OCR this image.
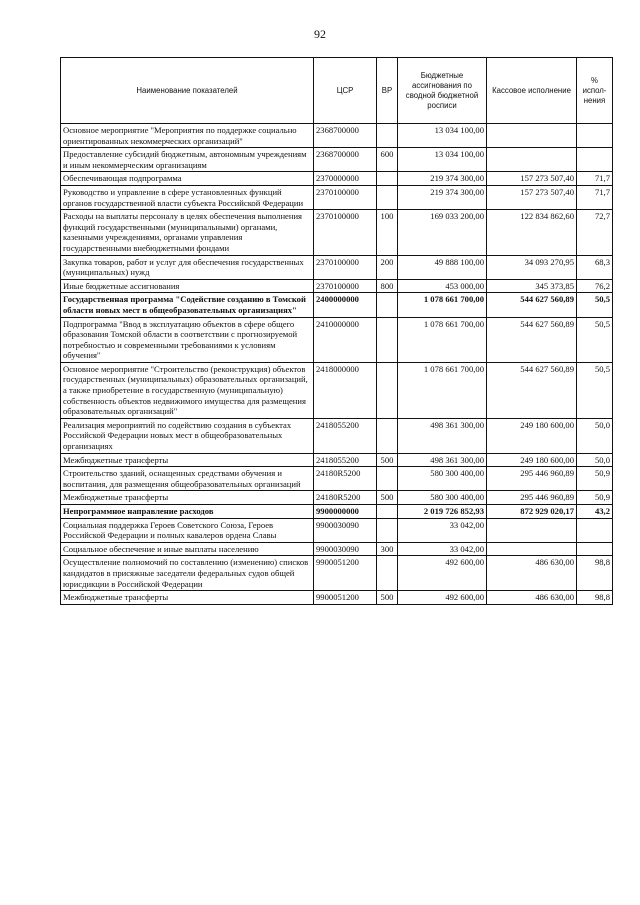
92
Наименование показателей	ЦСР	ВР	Бюджетные ассигнования по сводной бюджетной росписи	Кассовое исполнение	% испол-нения
Основное мероприятие "Мероприятия по поддержке социально ориентированных некоммерческих организаций"	2368700000		13 034 100,00		
Предоставление субсидий бюджетным, автономным учреждениям и иным некоммерческим организациям	2368700000	600	13 034 100,00		
Обеспечивающая подпрограмма	2370000000		219 374 300,00	157 273 507,40	71,7
Руководство и управление в сфере установленных функций органов государственной власти субъекта Российской Федерации	2370100000		219 374 300,00	157 273 507,40	71,7
Расходы на выплаты персоналу в целях обеспечения выполнения функций государственными (муниципальными) органами, казенными учреждениями, органами управления государственными внебюджетными фондами	2370100000	100	169 033 200,00	122 834 862,60	72,7
Закупка товаров, работ и услуг для обеспечения государственных (муниципальных) нужд	2370100000	200	49 888 100,00	34 093 270,95	68,3
Иные бюджетные ассигнования	2370100000	800	453 000,00	345 373,85	76,2
Государственная программа "Содействие созданию в Томской области новых мест в общеобразовательных организациях"	2400000000		1 078 661 700,00	544 627 560,89	50,5
Подпрограмма "Ввод в эксплуатацию объектов в сфере общего образования Томской области в соответствии с прогнозируемой потребностью и современными требованиями к условиям обучения"	2410000000		1 078 661 700,00	544 627 560,89	50,5
Основное мероприятие "Строительство (реконструкция) объектов государственных (муниципальных) образовательных организаций, а также приобретение в государственную (муниципальную) собственность объектов недвижимого имущества для размещения образовательных организаций"	2418000000		1 078 661 700,00	544 627 560,89	50,5
Реализация мероприятий по содействию создания в субъектах Российской Федерации новых мест в общеобразовательных организациях	2418055200		498 361 300,00	249 180 600,00	50,0
Межбюджетные трансферты	2418055200	500	498 361 300,00	249 180 600,00	50,0
Строительство зданий, оснащенных средствами обучения и воспитания, для размещения общеобразовательных организаций	24180R5200		580 300 400,00	295 446 960,89	50,9
Межбюджетные трансферты	24180R5200	500	580 300 400,00	295 446 960,89	50,9
Непрограммное направление расходов	9900000000		2 019 726 852,93	872 929 020,17	43,2
Социальная поддержка Героев Советского Союза, Героев Российской Федерации и полных кавалеров ордена Славы	9900030090		33 042,00		
Социальное обеспечение и иные выплаты населению	9900030090	300	33 042,00		
Осуществление полномочий по составлению (изменению) списков кандидатов в присяжные заседатели федеральных судов общей юрисдикции в Российской Федерации	9900051200		492 600,00	486 630,00	98,8
Межбюджетные трансферты	9900051200	500	492 600,00	486 630,00	98,8
